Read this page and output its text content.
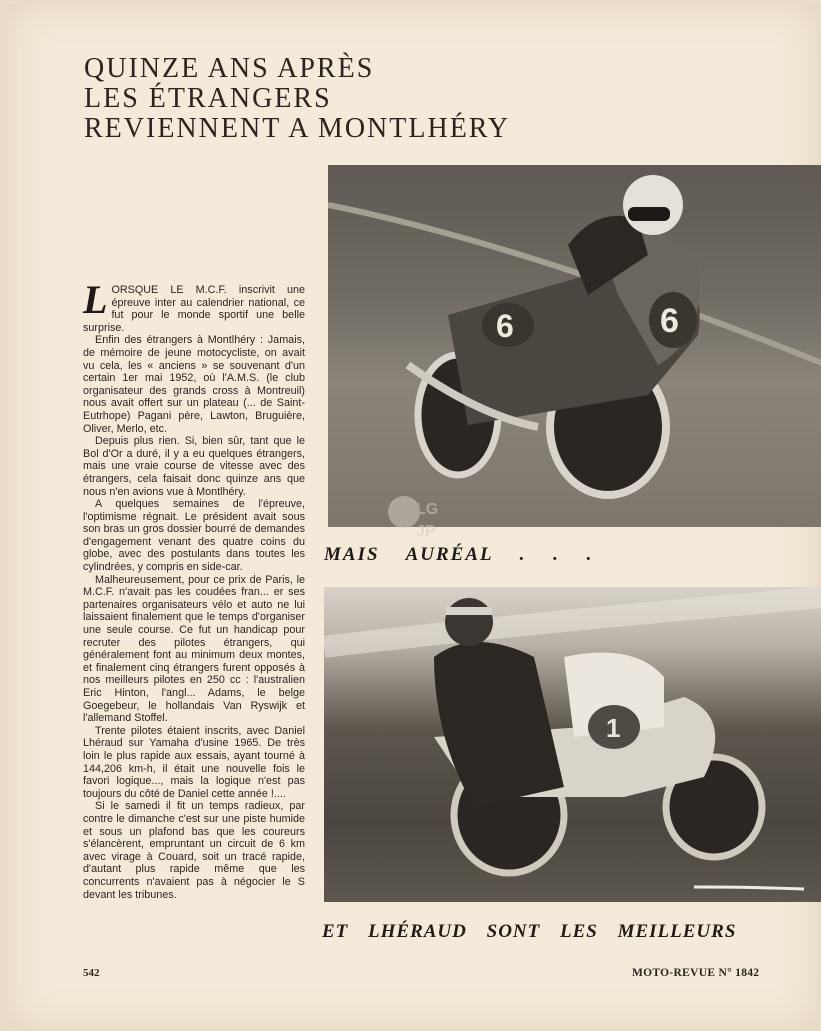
QUINZE ANS APRÈS
LES ÉTRANGERS
REVIENNENT A MONTLHÉRY

LORSQUE LE M.C.F. inscrivit une épreuve inter au calendrier national, ce fut pour le monde sportif une belle surprise.

Enfin des étrangers à Montlhéry : Jamais, de mémoire de jeune motocycliste, on avait vu cela, les « anciens » se souvenant d'un certain 1er mai 1952, où l'A.M.S. (le club organisateur des grands cross à Montreuil) nous avait offert sur un plateau (... de Saint-Eutrhope) Pagani père, Lawton, Bruguière, Oliver, Merlo, etc.

Depuis plus rien. Si, bien sûr, tant que le Bol d'Or a duré, il y a eu quelques étrangers, mais une vraie course de vitesse avec des étrangers, cela faisait donc quinze ans que nous n'en avions vue à Montlhéry.

A quelques semaines de l'épreuve, l'optimisme régnait. Le président avait sous son bras un gros dossier bourré de demandes d'engagement venant des quatre coins du globe, avec des postulants dans toutes les cylindrées, y compris en side-car.

Malheureusement, pour ce prix de Paris, le M.C.F. n'avait pas les coudées fran... er ses partenaires organisateurs vélo et auto ne lui laissaient finalement que le temps d'organiser une seule course. Ce fut un handicap pour recruter des pilotes étrangers, qui généralement font au minimum deux montes, et finalement cinq étrangers furent opposés à nos meilleurs pilotes en 250 cc : l'australien Eric Hinton, l'angl... Adams, le belge Goegebeur, le hollandais Van Ryswijk et l'allemand Stoffel.

Trente pilotes étaient inscrits, avec Daniel Lhéraud sur Yamaha d'usine 1965. De très loin le plus rapide aux essais, ayant tourné à 144,206 km-h, il était une nouvelle fois le favori logique..., mais la logique n'est pas toujours du côté de Daniel cette année !....

Si le samedi il fit un temps radieux, par contre le dimanche c'est sur une piste humide et sous un plafond bas que les coureurs s'élancèrent, empruntant un circuit de 6 km avec virage à Couard, soit un tracé rapide, d'autant plus rapide même que les concurrents n'avaient pas à négocier le S devant les tribunes.

6	6
LG
JP

MAIS AURÉAL . . .

1

ET LHÉRAUD SONT LES MEILLEURS

542	MOTO-REVUE N° 1842
